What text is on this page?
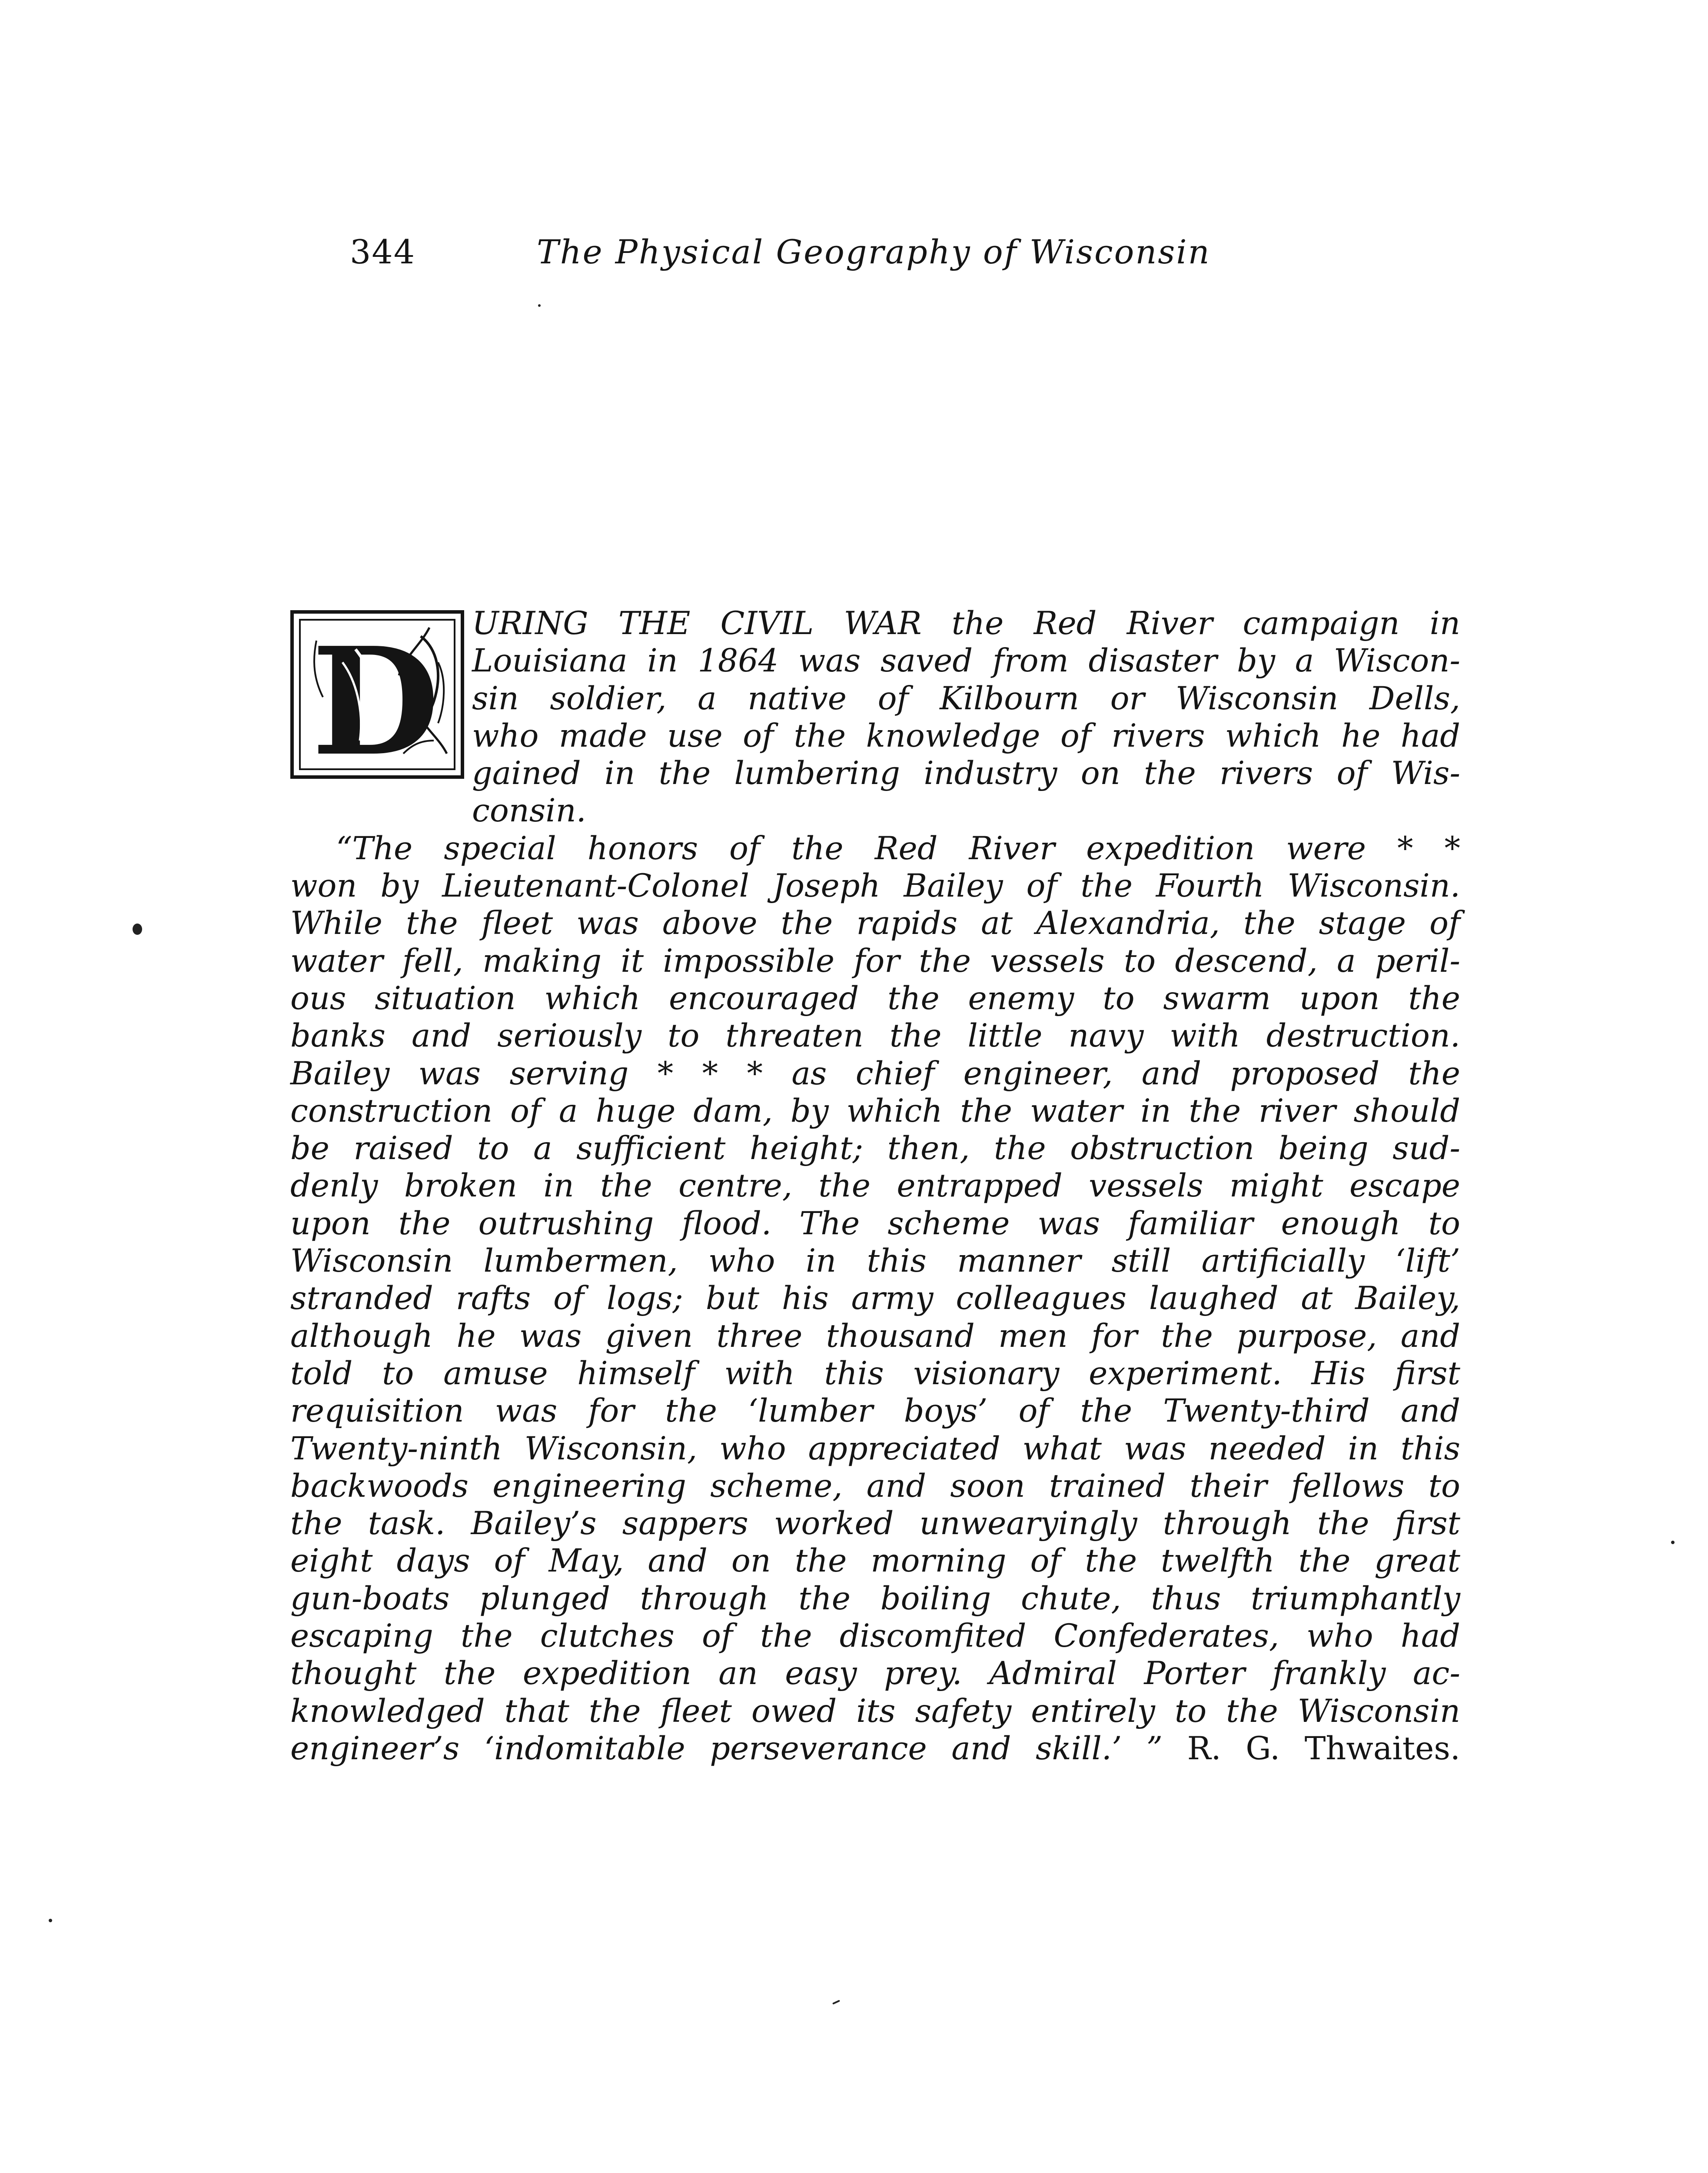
344	The Physical Geography of Wisconsin
D URING THE CIVIL WAR the Red River campaign in
Louisiana in 1864 was saved from disaster by a Wiscon-
sin soldier, a native of Kilbourn or Wisconsin Dells,
who made use of the knowledge of rivers which he had
gained in the lumbering industry on the rivers of Wis-
consin.
“The special honors of the Red River expedition were * *
won by Lieutenant-Colonel Joseph Bailey of the Fourth Wisconsin.
While the fleet was above the rapids at Alexandria, the stage of
water fell, making it impossible for the vessels to descend, a peril-
ous situation which encouraged the enemy to swarm upon the
banks and seriously to threaten the little navy with destruction.
Bailey was serving * * * as chief engineer, and proposed the
construction of a huge dam, by which the water in the river should
be raised to a sufficient height; then, the obstruction being sud-
denly broken in the centre, the entrapped vessels might escape
upon the outrushing flood. The scheme was familiar enough to
Wisconsin lumbermen, who in this manner still artificially ‘lift’
stranded rafts of logs; but his army colleagues laughed at Bailey,
although he was given three thousand men for the purpose, and
told to amuse himself with this visionary experiment. His first
requisition was for the ‘lumber boys’ of the Twenty-third and
Twenty-ninth Wisconsin, who appreciated what was needed in this
backwoods engineering scheme, and soon trained their fellows to
the task. Bailey’s sappers worked unwearyingly through the first
eight days of May, and on the morning of the twelfth the great
gun-boats plunged through the boiling chute, thus triumphantly
escaping the clutches of the discomfited Confederates, who had
thought the expedition an easy prey. Admiral Porter frankly ac-
knowledged that the fleet owed its safety entirely to the Wisconsin
engineer’s ‘indomitable perseverance and skill.’ ” R. G. Thwaites.
